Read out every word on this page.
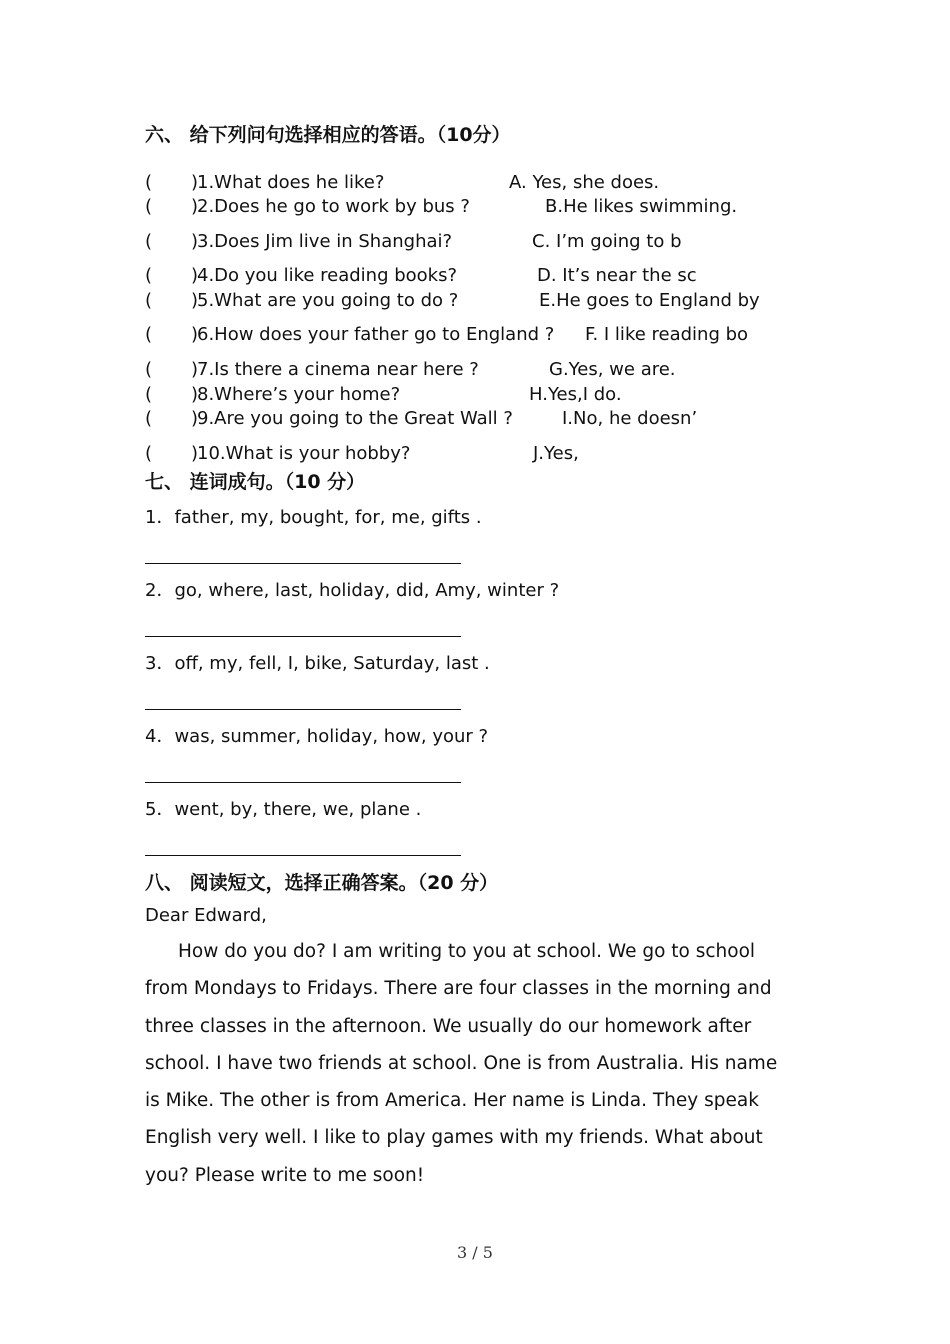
六、 给下列问句选择相应的答语。（10分）
( )
1.What does he like?	A. Yes, she does.
( )
2.Does he go to work by bus ?	B.He likes swimming.
( )
3.Does Jim live in Shanghai?	C. I’m going to b
( )
4.Do you like reading books?	D. It’s near the sc
( )
5.What are you going to do ?	E.He goes to England by
( )
6.How does your father go to England ? F. I like reading bo
( )
7.Is there a cinema near here ?	G.Yes, we are.
( )
8.Where’s your home?	H.Yes,I do.
( )
9.Are you going to the Great Wall ?	I.No, he doesn’
( )
10.What is your hobby?	J.Yes,
七、 连词成句。（10 分）
1．father, my, bought, for, me, gifts .
2．go, where, last, holiday, did, Amy, winter ?
3．off, my, fell, I, bike, Saturday, last .
4．was, summer, holiday, how, your ?
5．went, by, there, we, plane .
八、 阅读短文，选择正确答案。（20 分）
Dear Edward,
How do you do? I am writing to you at school. We go to school
from Mondays to Fridays. There are four classes in the morning and
three classes in the afternoon. We usually do our homework after
school. I have two friends at school. One is from Australia. His name
is Mike. The other is from America. Her name is Linda. They speak
English very well. I like to play games with my friends. What about
you? Please write to me soon!
3 / 5
